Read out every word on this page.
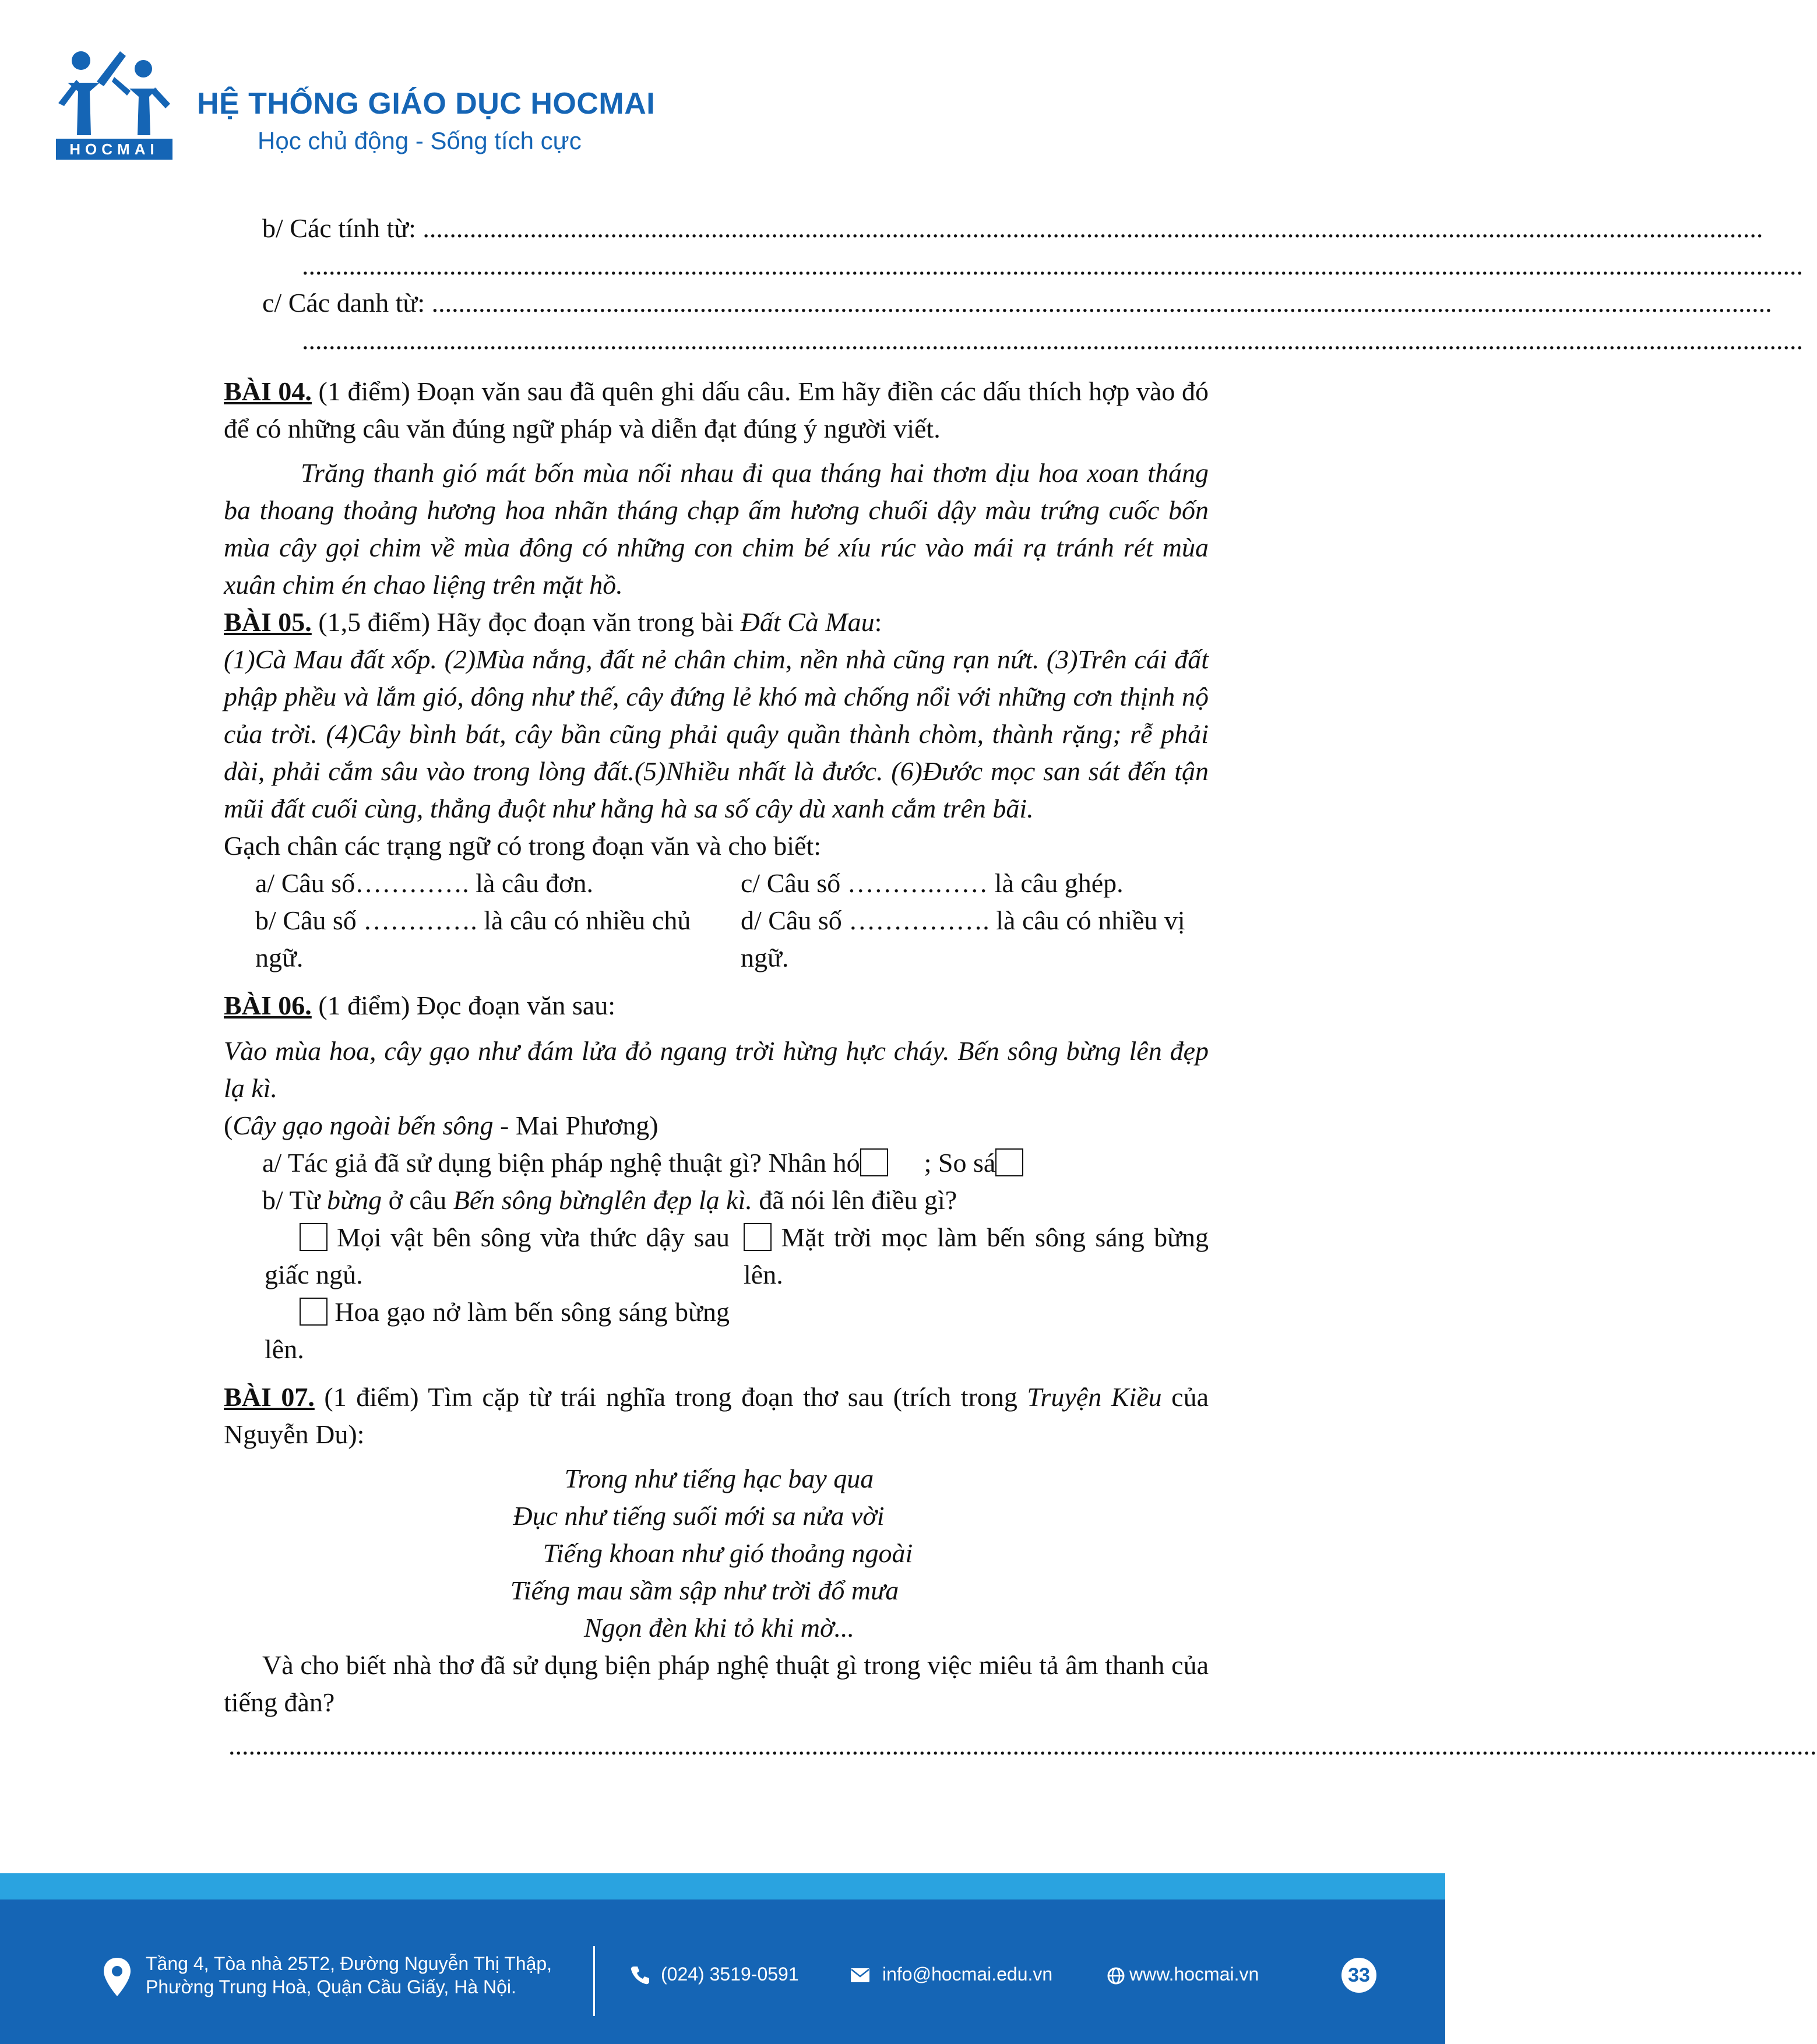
HOCMAI
HỆ THỐNG GIÁO DỤC HOCMAI
Học chủ động - Sống tích cực
b/ Các tính từ: ........................................................................................................................................................................................................
................................................................................................................................................................................................................................
c/ Các danh từ: ........................................................................................................................................................................................................
................................................................................................................................................................................................................................
BÀI 04. (1 điểm) Đoạn văn sau đã quên ghi dấu câu. Em hãy điền các dấu thích hợp vào đó để có những câu văn đúng ngữ pháp và diễn đạt đúng ý người viết.
Trăng thanh gió mát bốn mùa nối nhau đi qua tháng hai thơm dịu hoa xoan tháng ba thoang thoảng hương hoa nhãn tháng chạp ấm hương chuối dậy màu trứng cuốc bốn mùa cây gọi chim về mùa đông có những con chim bé xíu rúc vào mái rạ tránh rét mùa xuân chim én chao liệng trên mặt hồ.
BÀI 05. (1,5 điểm) Hãy đọc đoạn văn trong bài Đất Cà Mau:
(1)Cà Mau đất xốp. (2)Mùa nắng, đất nẻ chân chim, nền nhà cũng rạn nứt. (3)Trên cái đất phập phều và lắm gió, dông như thế, cây đứng lẻ khó mà chống nổi với những cơn thịnh nộ của trời. (4)Cây bình bát, cây bần cũng phải quây quần thành chòm, thành rặng; rễ phải dài, phải cắm sâu vào trong lòng đất.(5)Nhiều nhất là đước. (6)Đước mọc san sát đến tận mũi đất cuối cùng, thẳng đuột như hằng hà sa số cây dù xanh cắm trên bãi.
Gạch chân các trạng ngữ có trong đoạn văn và cho biết:
a/ Câu số…………. là câu đơn.
b/ Câu số …………. là câu có nhiều chủ ngữ.
c/ Câu số ……….…… là câu ghép.
d/ Câu số ……………. là câu có nhiều vị ngữ.
BÀI 06. (1 điểm) Đọc đoạn văn sau:
Vào mùa hoa, cây gạo như đám lửa đỏ ngang trời hừng hực cháy. Bến sông bừng lên đẹp lạ kì.
(Cây gạo ngoài bến sông - Mai Phương)
a/ Tác giả đã sử dụng biện pháp nghệ thuật gì? Nhân hó ; So sá
b/ Từ bừng ở câu Bến sông bừnglên đẹp lạ kì. đã nói lên điều gì?
Mọi vật bên sông vừa thức dậy sau giấc ngủ.
Hoa gạo nở làm bến sông sáng bừng lên.
Mặt trời mọc làm bến sông sáng bừng lên.
BÀI 07. (1 điểm) Tìm cặp từ trái nghĩa trong đoạn thơ sau (trích trong Truyện Kiều của Nguyễn Du):
Trong như tiếng hạc bay qua
Đục như tiếng suối mới sa nửa vời
Tiếng khoan như gió thoảng ngoài
Tiếng mau sầm sập như trời đổ mưa
Ngọn đèn khi tỏ khi mờ...
Và cho biết nhà thơ đã sử dụng biện pháp nghệ thuật gì trong việc miêu tả âm thanh của tiếng đàn?
.............................................................................................................................................................................................................................................
Tầng 4, Tòa nhà 25T2, Đường Nguyễn Thị Thập,
Phường Trung Hoà, Quận Cầu Giấy, Hà Nội.
(024) 3519-0591	info@hocmai.edu.vn	www.hocmai.vn	33
